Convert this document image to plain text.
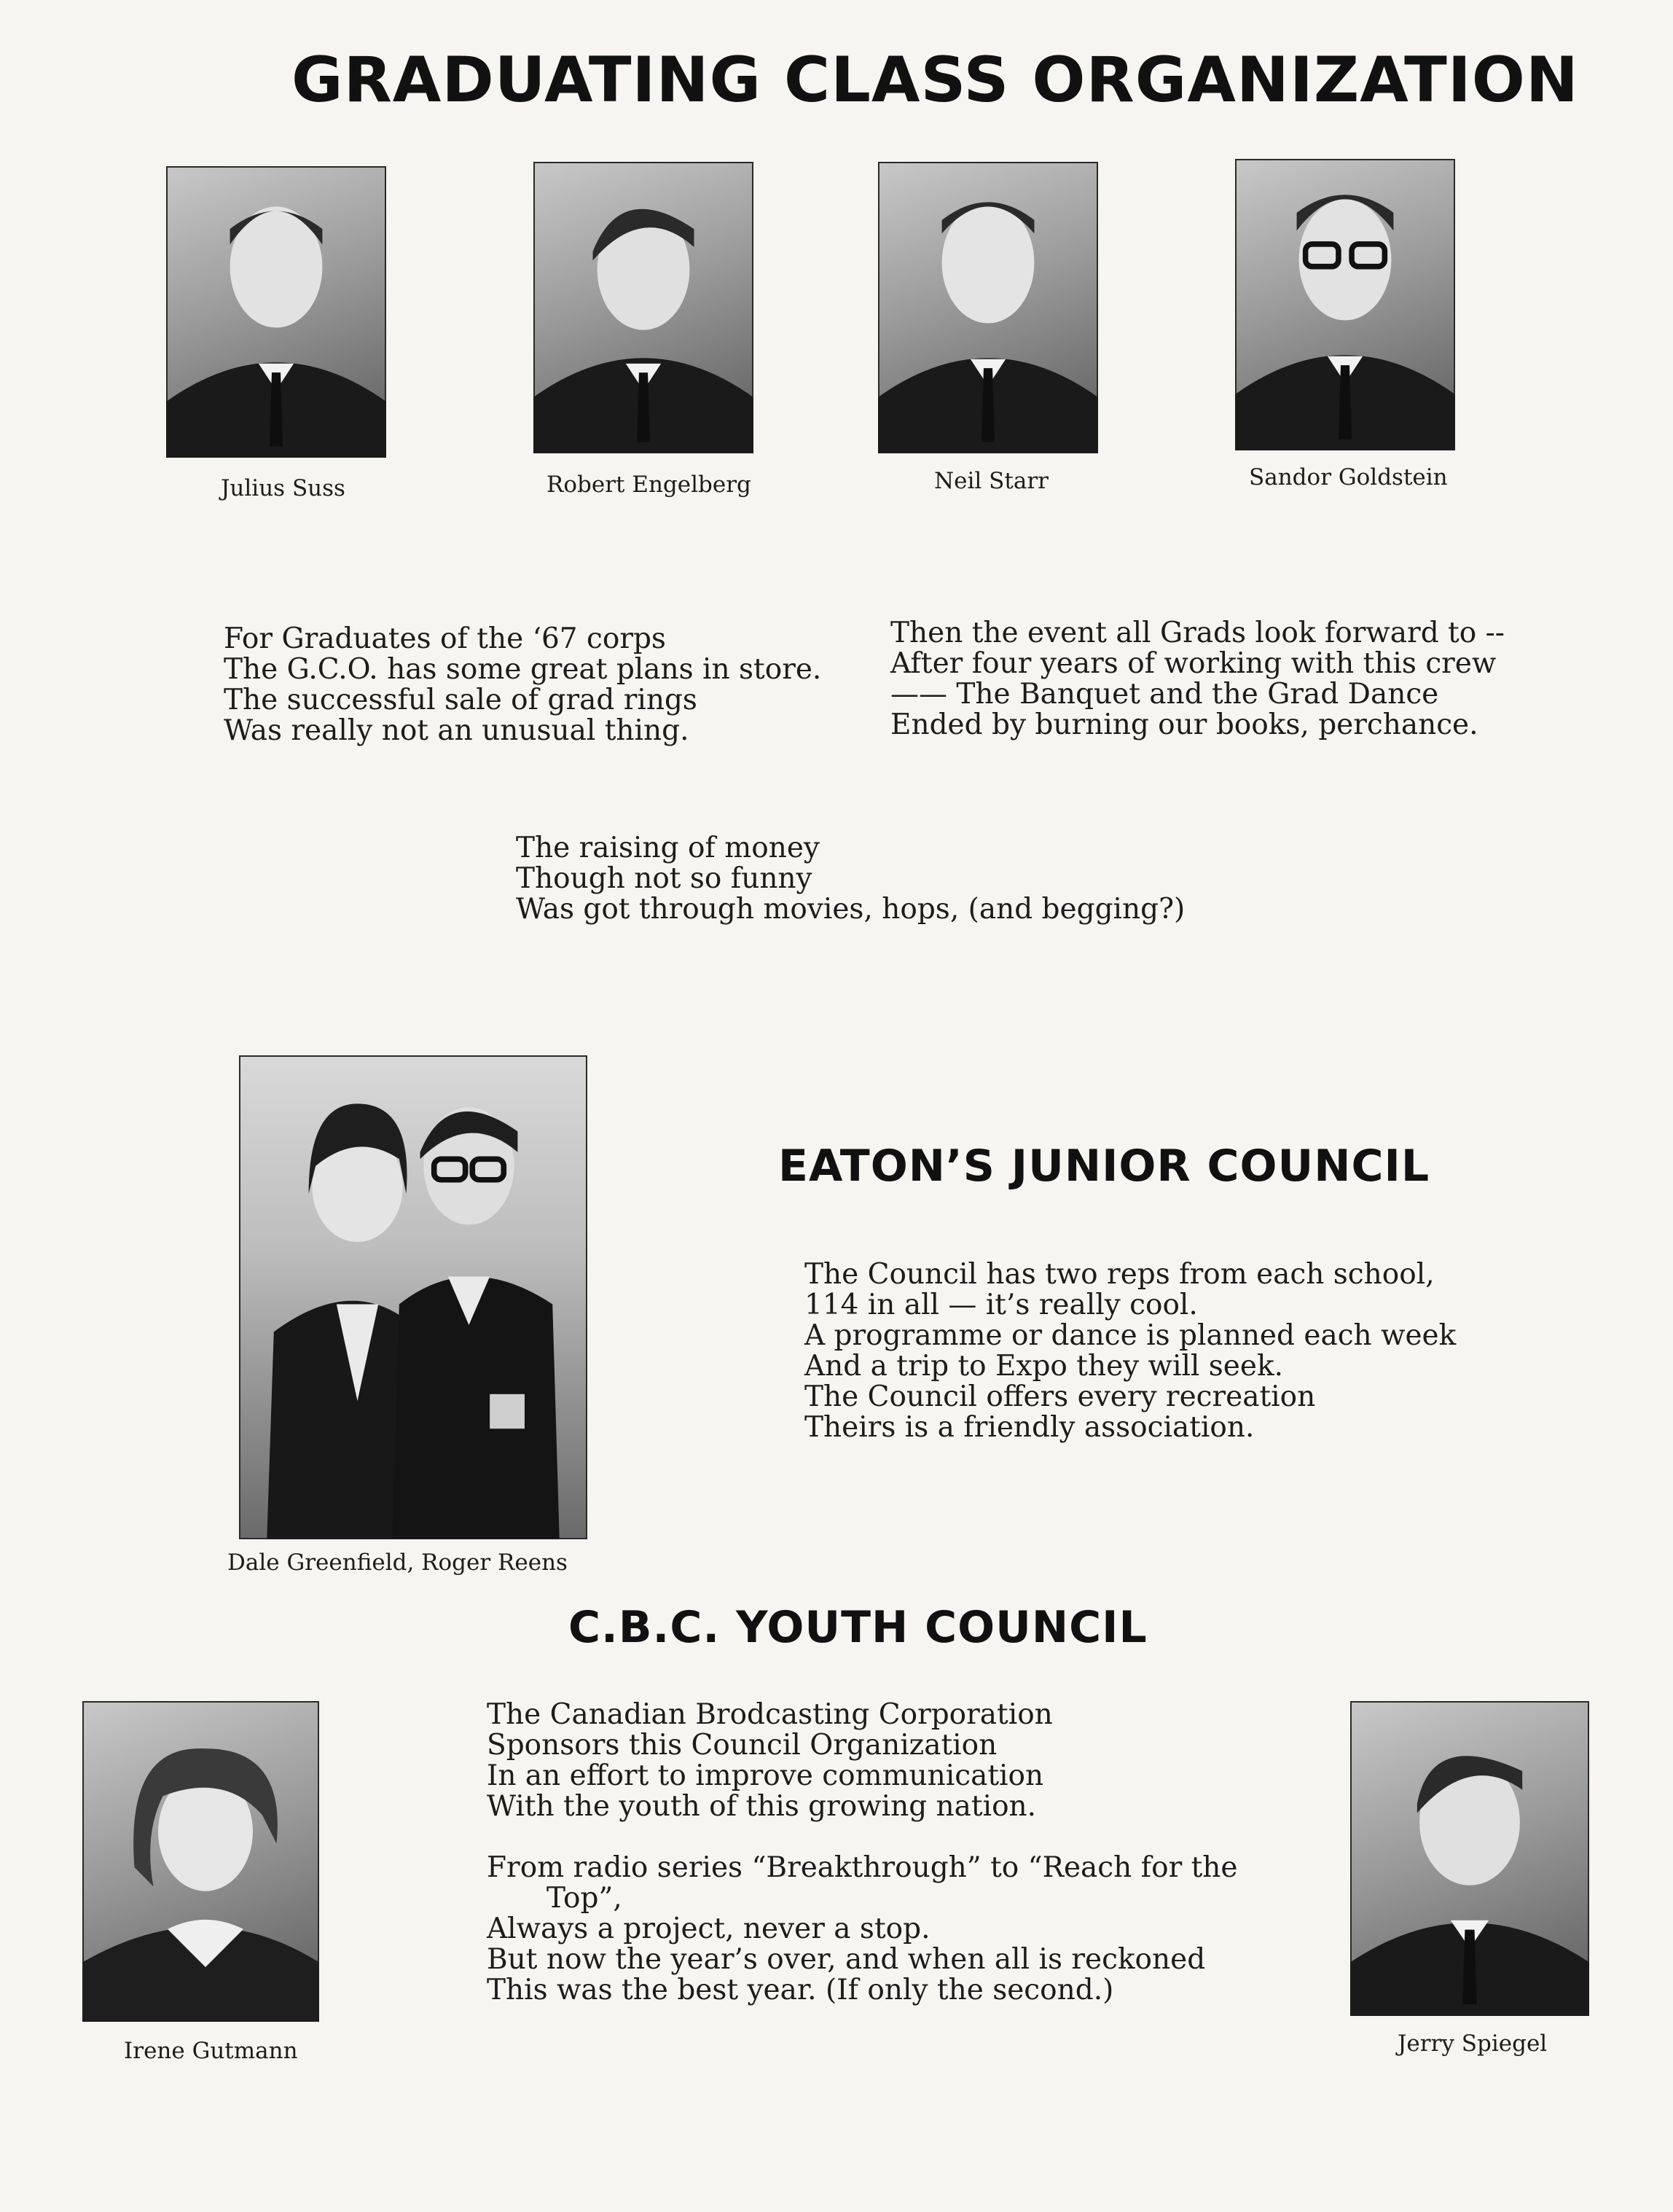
GRADUATING CLASS ORGANIZATION

Julius Suss	Robert Engelberg	Neil Starr	Sandor Goldstein

For Graduates of the ‘67 corps
The G.C.O. has some great plans in store.
The successful sale of grad rings
Was really not an unusual thing.
Then the event all Grads look forward to --
After four years of working with this crew
—— The Banquet and the Grad Dance
Ended by burning our books, perchance.
The raising of money
Though not so funny
Was got through movies, hops, (and begging?)

Dale Greenfield, Roger Reens

EATON’S JUNIOR COUNCIL
The Council has two reps from each school,
114 in all — it’s really cool.
A programme or dance is planned each week
And a trip to Expo they will seek.
The Council offers every recreation
Theirs is a friendly association.
C.B.C. YOUTH COUNCIL

Irene Gutmann	Jerry Spiegel

The Canadian Brodcasting Corporation
Sponsors this Council Organization
In an effort to improve communication
With the youth of this growing nation.
From radio series “Breakthrough” to “Reach for the
Top”,
Always a project, never a stop.
But now the year’s over, and when all is reckoned
This was the best year. (If only the second.)
